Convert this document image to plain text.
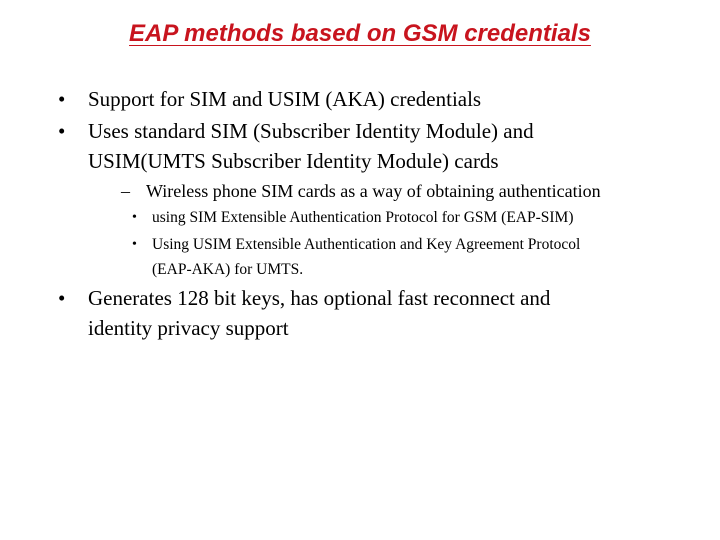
EAP methods based on GSM credentials
• Support for SIM and USIM (AKA) credentials
• Uses standard SIM (Subscriber Identity Module) and
USIM(UMTS Subscriber Identity Module) cards
– Wireless phone SIM cards as a way of obtaining authentication
• using SIM Extensible Authentication Protocol for GSM (EAP-SIM)
• Using USIM Extensible Authentication and Key Agreement Protocol
(EAP-AKA) for UMTS.
• Generates 128 bit keys, has optional fast reconnect and
identity privacy support
